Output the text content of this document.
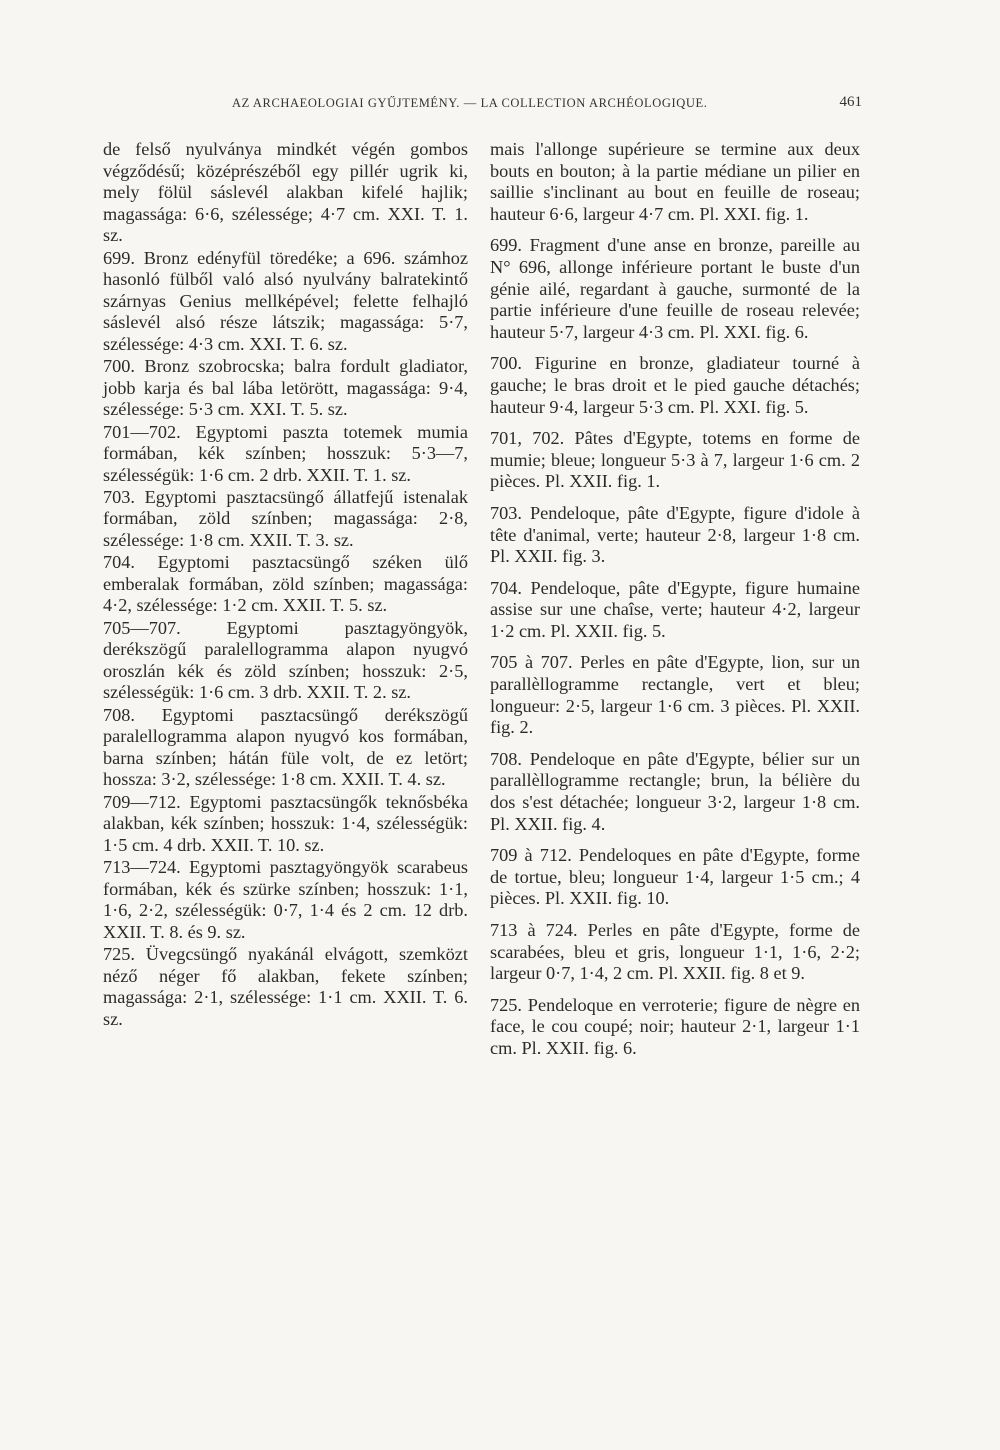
AZ ARCHAEOLOGIAI GYŰJTEMÉNY. — LA COLLECTION ARCHÉOLOGIQUE.	461

de felső nyulványa mindkét végén gombos végződésű; középrészéből egy pillér ugrik ki, mely fölül sáslevél alakban kifelé hajlik; magassága: 6·6, szélessége; 4·7 cm. XXI. T. 1. sz.

699. Bronz edényfül töredéke; a 696. számhoz hasonló fülből való alsó nyulvány balratekintő szárnyas Genius mellképével; felette felhajló sáslevél alsó része látszik; magassága: 5·7, szélessége: 4·3 cm. XXI. T. 6. sz.

700. Bronz szobrocska; balra fordult gladiator, jobb karja és bal lába letörött, magassága: 9·4, szélessége: 5·3 cm. XXI. T. 5. sz.

701—702. Egyptomi paszta totemek mumia formában, kék színben; hosszuk: 5·3—7, szélességük: 1·6 cm. 2 drb. XXII. T. 1. sz.

703. Egyptomi pasztacsüngő állatfejű istenalak formában, zöld színben; magassága: 2·8, szélessége: 1·8 cm. XXII. T. 3. sz.

704. Egyptomi pasztacsüngő széken ülő emberalak formában, zöld színben; magassága: 4·2, szélessége: 1·2 cm. XXII. T. 5. sz.

705—707. Egyptomi pasztagyöngyök, derékszögű paralellogramma alapon nyugvó oroszlán kék és zöld színben; hosszuk: 2·5, szélességük: 1·6 cm. 3 drb. XXII. T. 2. sz.

708. Egyptomi pasztacsüngő derékszögű paralellogramma alapon nyugvó kos formában, barna színben; hátán füle volt, de ez letört; hossza: 3·2, szélessége: 1·8 cm. XXII. T. 4. sz.

709—712. Egyptomi pasztacsüngők teknősbéka alakban, kék színben; hosszuk: 1·4, szélességük: 1·5 cm. 4 drb. XXII. T. 10. sz.

713—724. Egyptomi pasztagyöngyök scarabeus formában, kék és szürke színben; hosszuk: 1·1, 1·6, 2·2, szélességük: 0·7, 1·4 és 2 cm. 12 drb. XXII. T. 8. és 9. sz.

725. Üvegcsüngő nyakánál elvágott, szemközt néző néger fő alakban, fekete színben; magassága: 2·1, szélessége: 1·1 cm. XXII. T. 6. sz.

mais l'allonge supérieure se termine aux deux bouts en bouton; à la partie médiane un pilier en saillie s'inclinant au bout en feuille de roseau; hauteur 6·6, largeur 4·7 cm. Pl. XXI. fig. 1.

699. Fragment d'une anse en bronze, pareille au N° 696, allonge inférieure portant le buste d'un génie ailé, regardant à gauche, surmonté de la partie inférieure d'une feuille de roseau relevée; hauteur 5·7, largeur 4·3 cm. Pl. XXI. fig. 6.

700. Figurine en bronze, gladiateur tourné à gauche; le bras droit et le pied gauche détachés; hauteur 9·4, largeur 5·3 cm. Pl. XXI. fig. 5.

701, 702. Pâtes d'Egypte, totems en forme de mumie; bleue; longueur 5·3 à 7, largeur 1·6 cm. 2 pièces. Pl. XXII. fig. 1.

703. Pendeloque, pâte d'Egypte, figure d'idole à tête d'animal, verte; hauteur 2·8, largeur 1·8 cm. Pl. XXII. fig. 3.

704. Pendeloque, pâte d'Egypte, figure humaine assise sur une chaîse, verte; hauteur 4·2, largeur 1·2 cm. Pl. XXII. fig. 5.

705 à 707. Perles en pâte d'Egypte, lion, sur un parallèllogramme rectangle, vert et bleu; longueur: 2·5, largeur 1·6 cm. 3 pièces. Pl. XXII. fig. 2.

708. Pendeloque en pâte d'Egypte, bélier sur un parallèllogramme rectangle; brun, la bélière du dos s'est détachée; longueur 3·2, largeur 1·8 cm. Pl. XXII. fig. 4.

709 à 712. Pendeloques en pâte d'Egypte, forme de tortue, bleu; longueur 1·4, largeur 1·5 cm.; 4 pièces. Pl. XXII. fig. 10.

713 à 724. Perles en pâte d'Egypte, forme de scarabées, bleu et gris, longueur 1·1, 1·6, 2·2; largeur 0·7, 1·4, 2 cm. Pl. XXII. fig. 8 et 9.

725. Pendeloque en verroterie; figure de nègre en face, le cou coupé; noir; hauteur 2·1, largeur 1·1 cm. Pl. XXII. fig. 6.
